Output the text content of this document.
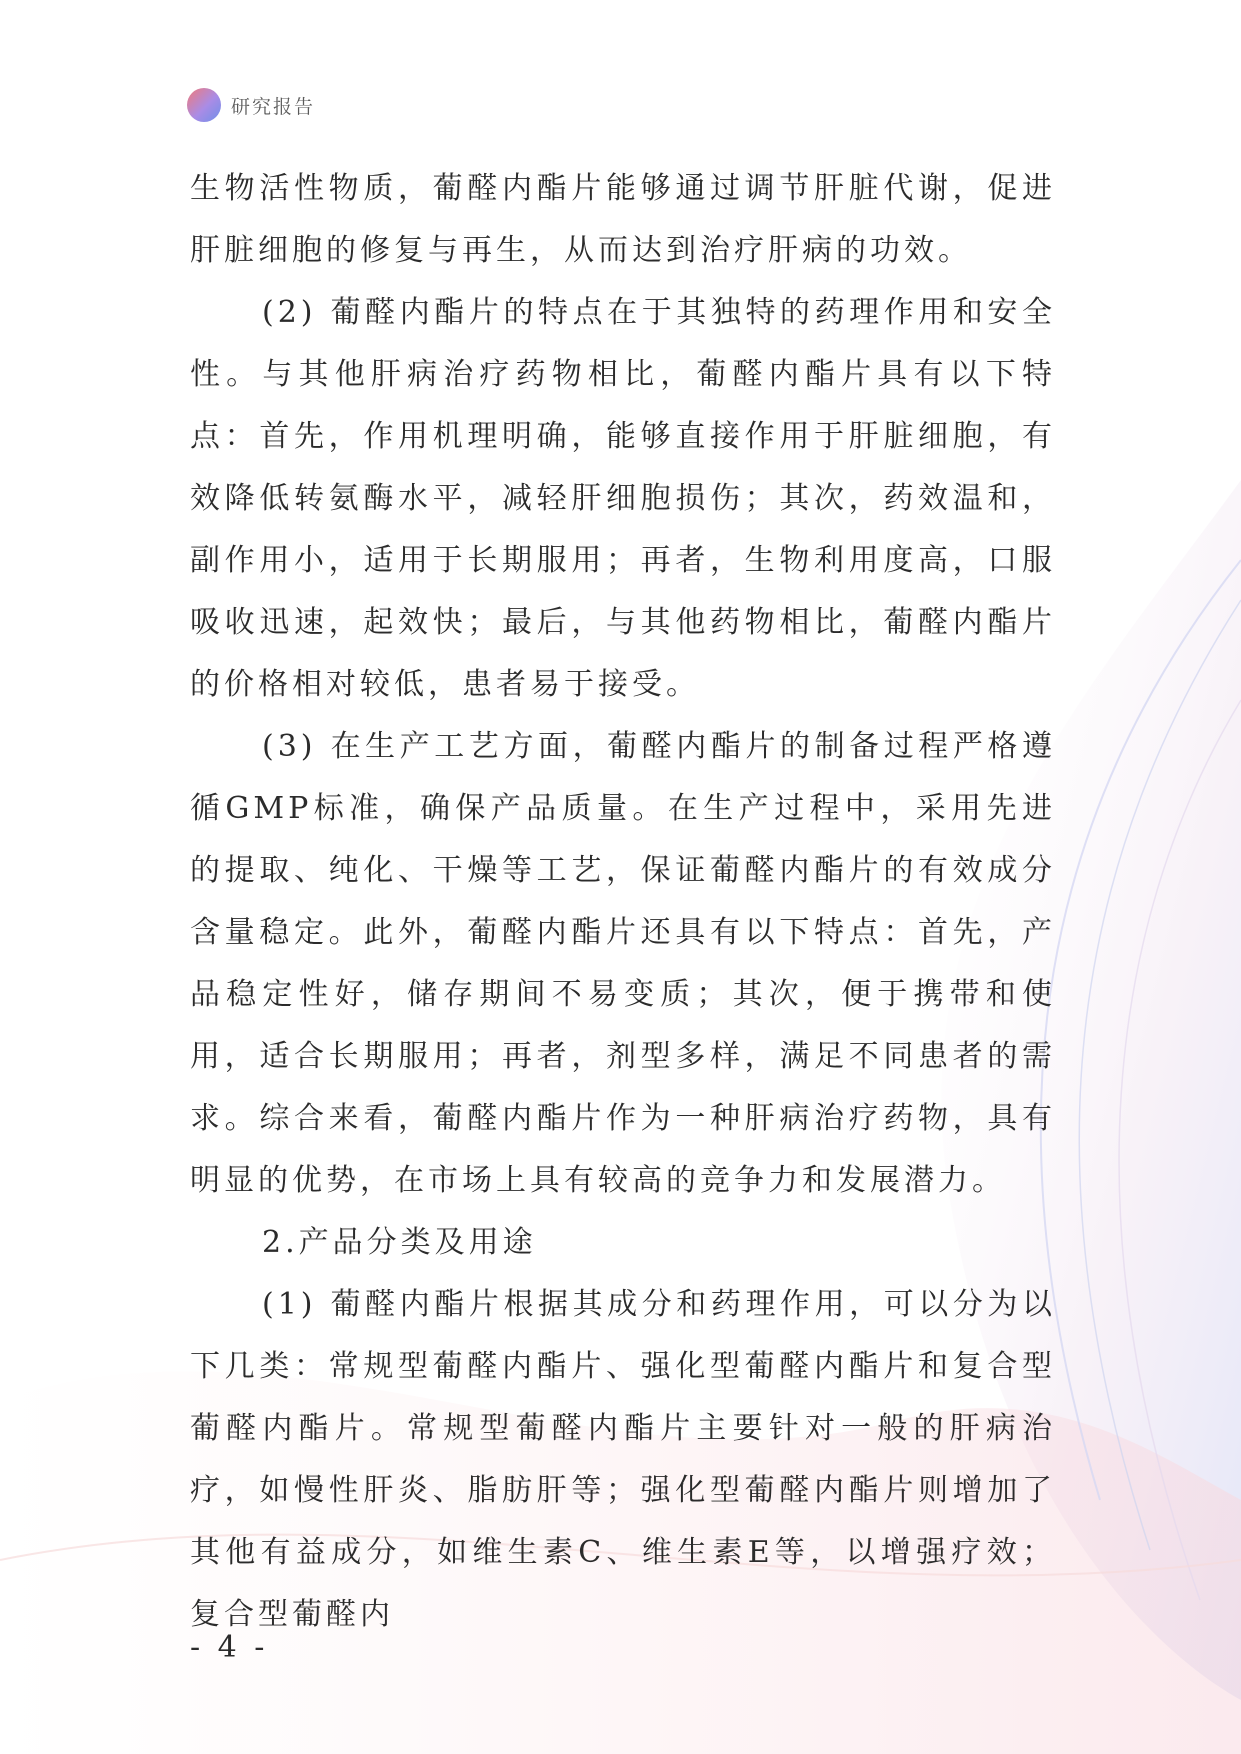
研究报告

生物活性物质，葡醛内酯片能够通过调节肝脏代谢，促进肝脏细胞的修复与再生，从而达到治疗肝病的功效。

(2) 葡醛内酯片的特点在于其独特的药理作用和安全性。与其他肝病治疗药物相比，葡醛内酯片具有以下特点：首先，作用机理明确，能够直接作用于肝脏细胞，有效降低转氨酶水平，减轻肝细胞损伤；其次，药效温和，副作用小，适用于长期服用；再者，生物利用度高，口服吸收迅速，起效快；最后，与其他药物相比，葡醛内酯片的价格相对较低，患者易于接受。

(3) 在生产工艺方面，葡醛内酯片的制备过程严格遵循GMP标准，确保产品质量。在生产过程中，采用先进的提取、纯化、干燥等工艺，保证葡醛内酯片的有效成分含量稳定。此外，葡醛内酯片还具有以下特点：首先，产品稳定性好，储存期间不易变质；其次，便于携带和使用，适合长期服用；再者，剂型多样，满足不同患者的需求。综合来看，葡醛内酯片作为一种肝病治疗药物，具有明显的优势，在市场上具有较高的竞争力和发展潜力。

2.产品分类及用途

(1) 葡醛内酯片根据其成分和药理作用，可以分为以下几类：常规型葡醛内酯片、强化型葡醛内酯片和复合型葡醛内酯片。常规型葡醛内酯片主要针对一般的肝病治疗，如慢性肝炎、脂肪肝等；强化型葡醛内酯片则增加了其他有益成分，如维生素C、维生素E等，以增强疗效；复合型葡醛内

- 4 -
